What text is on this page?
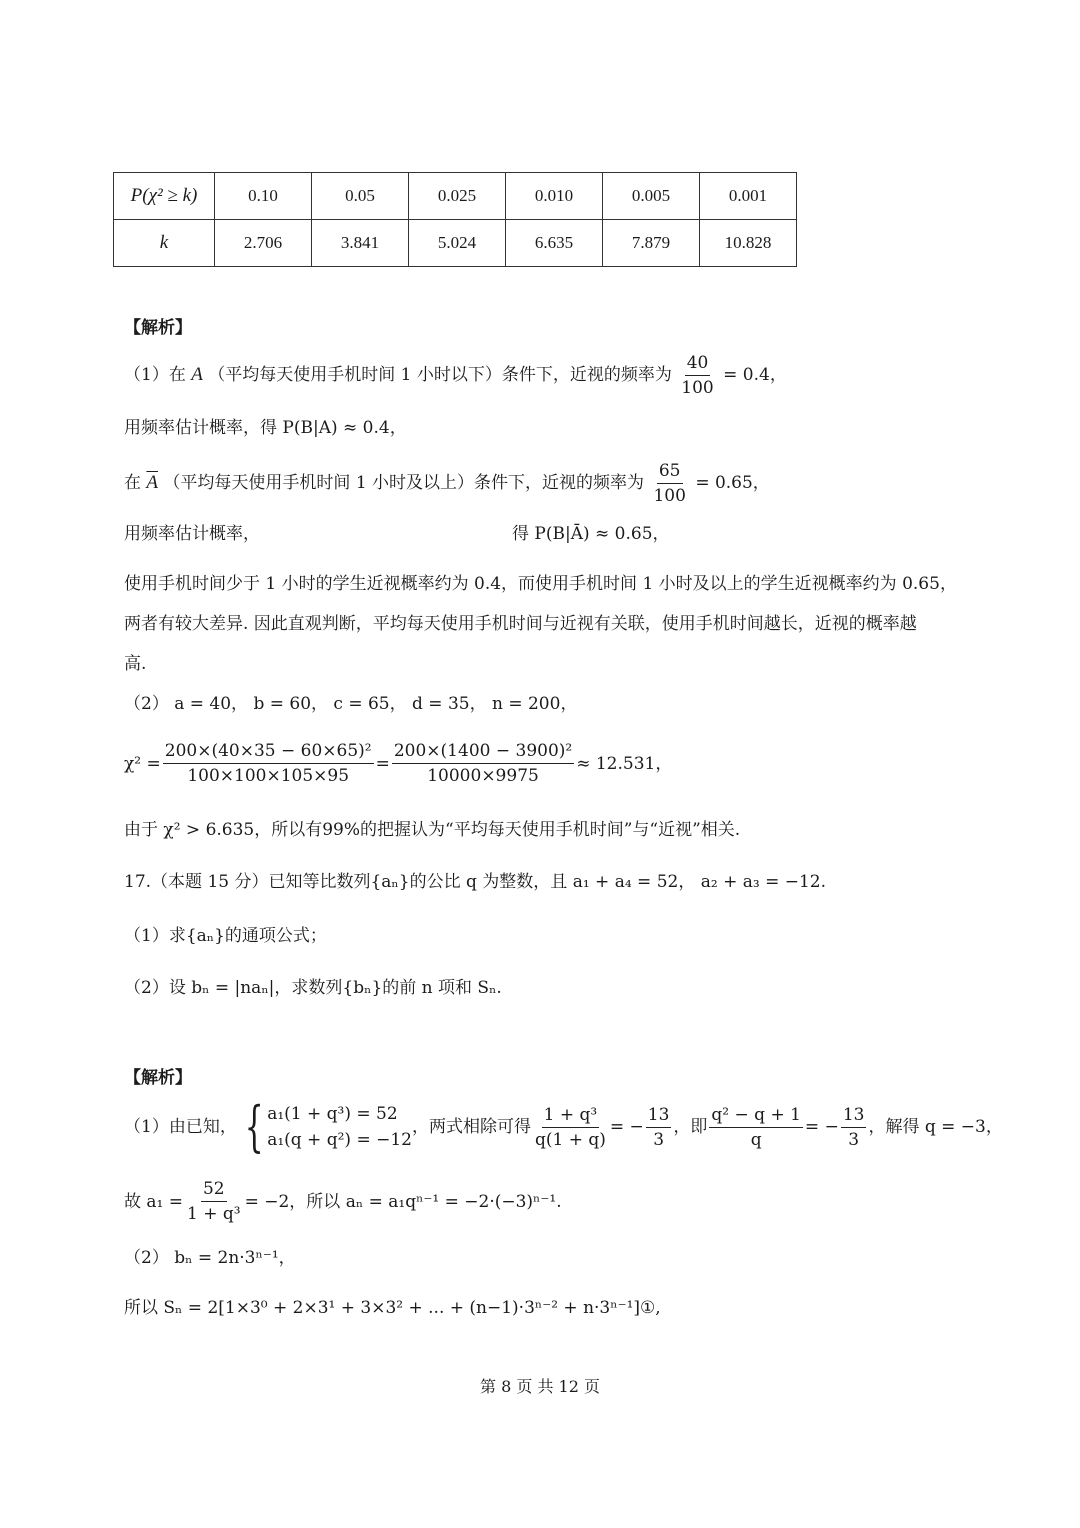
P(χ² ≥ k)	0.10	0.05	0.025	0.010	0.005	0.001
k	2.706	3.841	5.024	6.635	7.879	10.828
【解析】
（1）在 A （平均每天使用手机时间 1 小时以下）条件下，近视的频率为 $\frac{40}{100} = 0.4$，
用频率估计概率，得 P(B|A) ≈ 0.4，
在 $\overline{A}$ （平均每天使用手机时间 1 小时及以上）条件下，近视的频率为 $\frac{65}{100} = 0.65$，
用频率估计概率，	得 P(B|Ā) ≈ 0.65，
使用手机时间少于 1 小时的学生近视概率约为 0.4，而使用手机时间 1 小时及以上的学生近视概率约为 0.65，
两者有较大差异. 因此直观判断，平均每天使用手机时间与近视有关联，使用手机时间越长，近视的概率越
高.
（2） a = 40， b = 60， c = 65， d = 35， n = 200，
$\chi^2 = \frac{\text{200×(40×35 − 60×65)²}}{100\times 100\times 105\times 95} = \frac{\text{200×(1400 − 3900)²}}{10000\times 9975} \approx 12.531$，
由于 χ² > 6.635，所以有99%的把握认为“平均每天使用手机时间”与“近视”相关.
17.（本题 15 分）已知等比数列{aₙ}的公比 q 为整数，且 a₁ + a₄ = 52， a₂ + a₃ = −12.
（1）求{aₙ}的通项公式；
（2）设 bₙ = |naₙ|，求数列{bₙ}的前 n 项和 Sₙ.
【解析】
（1）由已知， { a₁(1 + q³) = 52
a₁(q + q²) = −12
，两式相除可得 $\frac{\text{1 + q³}}{q(1 + q)}$ = − $\frac{13}{3}$ ，即 $\frac{\text{q² − q + 1}}{q}$ = − $\frac{13}{3}$ ，解得 q = −3，
故 $a_1 = \frac{52}{\text{1 + q³}} = -2$，所以 aₙ = a₁qⁿ⁻¹ = −2·(−3)ⁿ⁻¹.
（2） bₙ = 2n·3ⁿ⁻¹，
所以 Sₙ = 2[1×3⁰ + 2×3¹ + 3×3² + ... + (n−1)·3ⁿ⁻² + n·3ⁿ⁻¹]①,
第 8 页 共 12 页
